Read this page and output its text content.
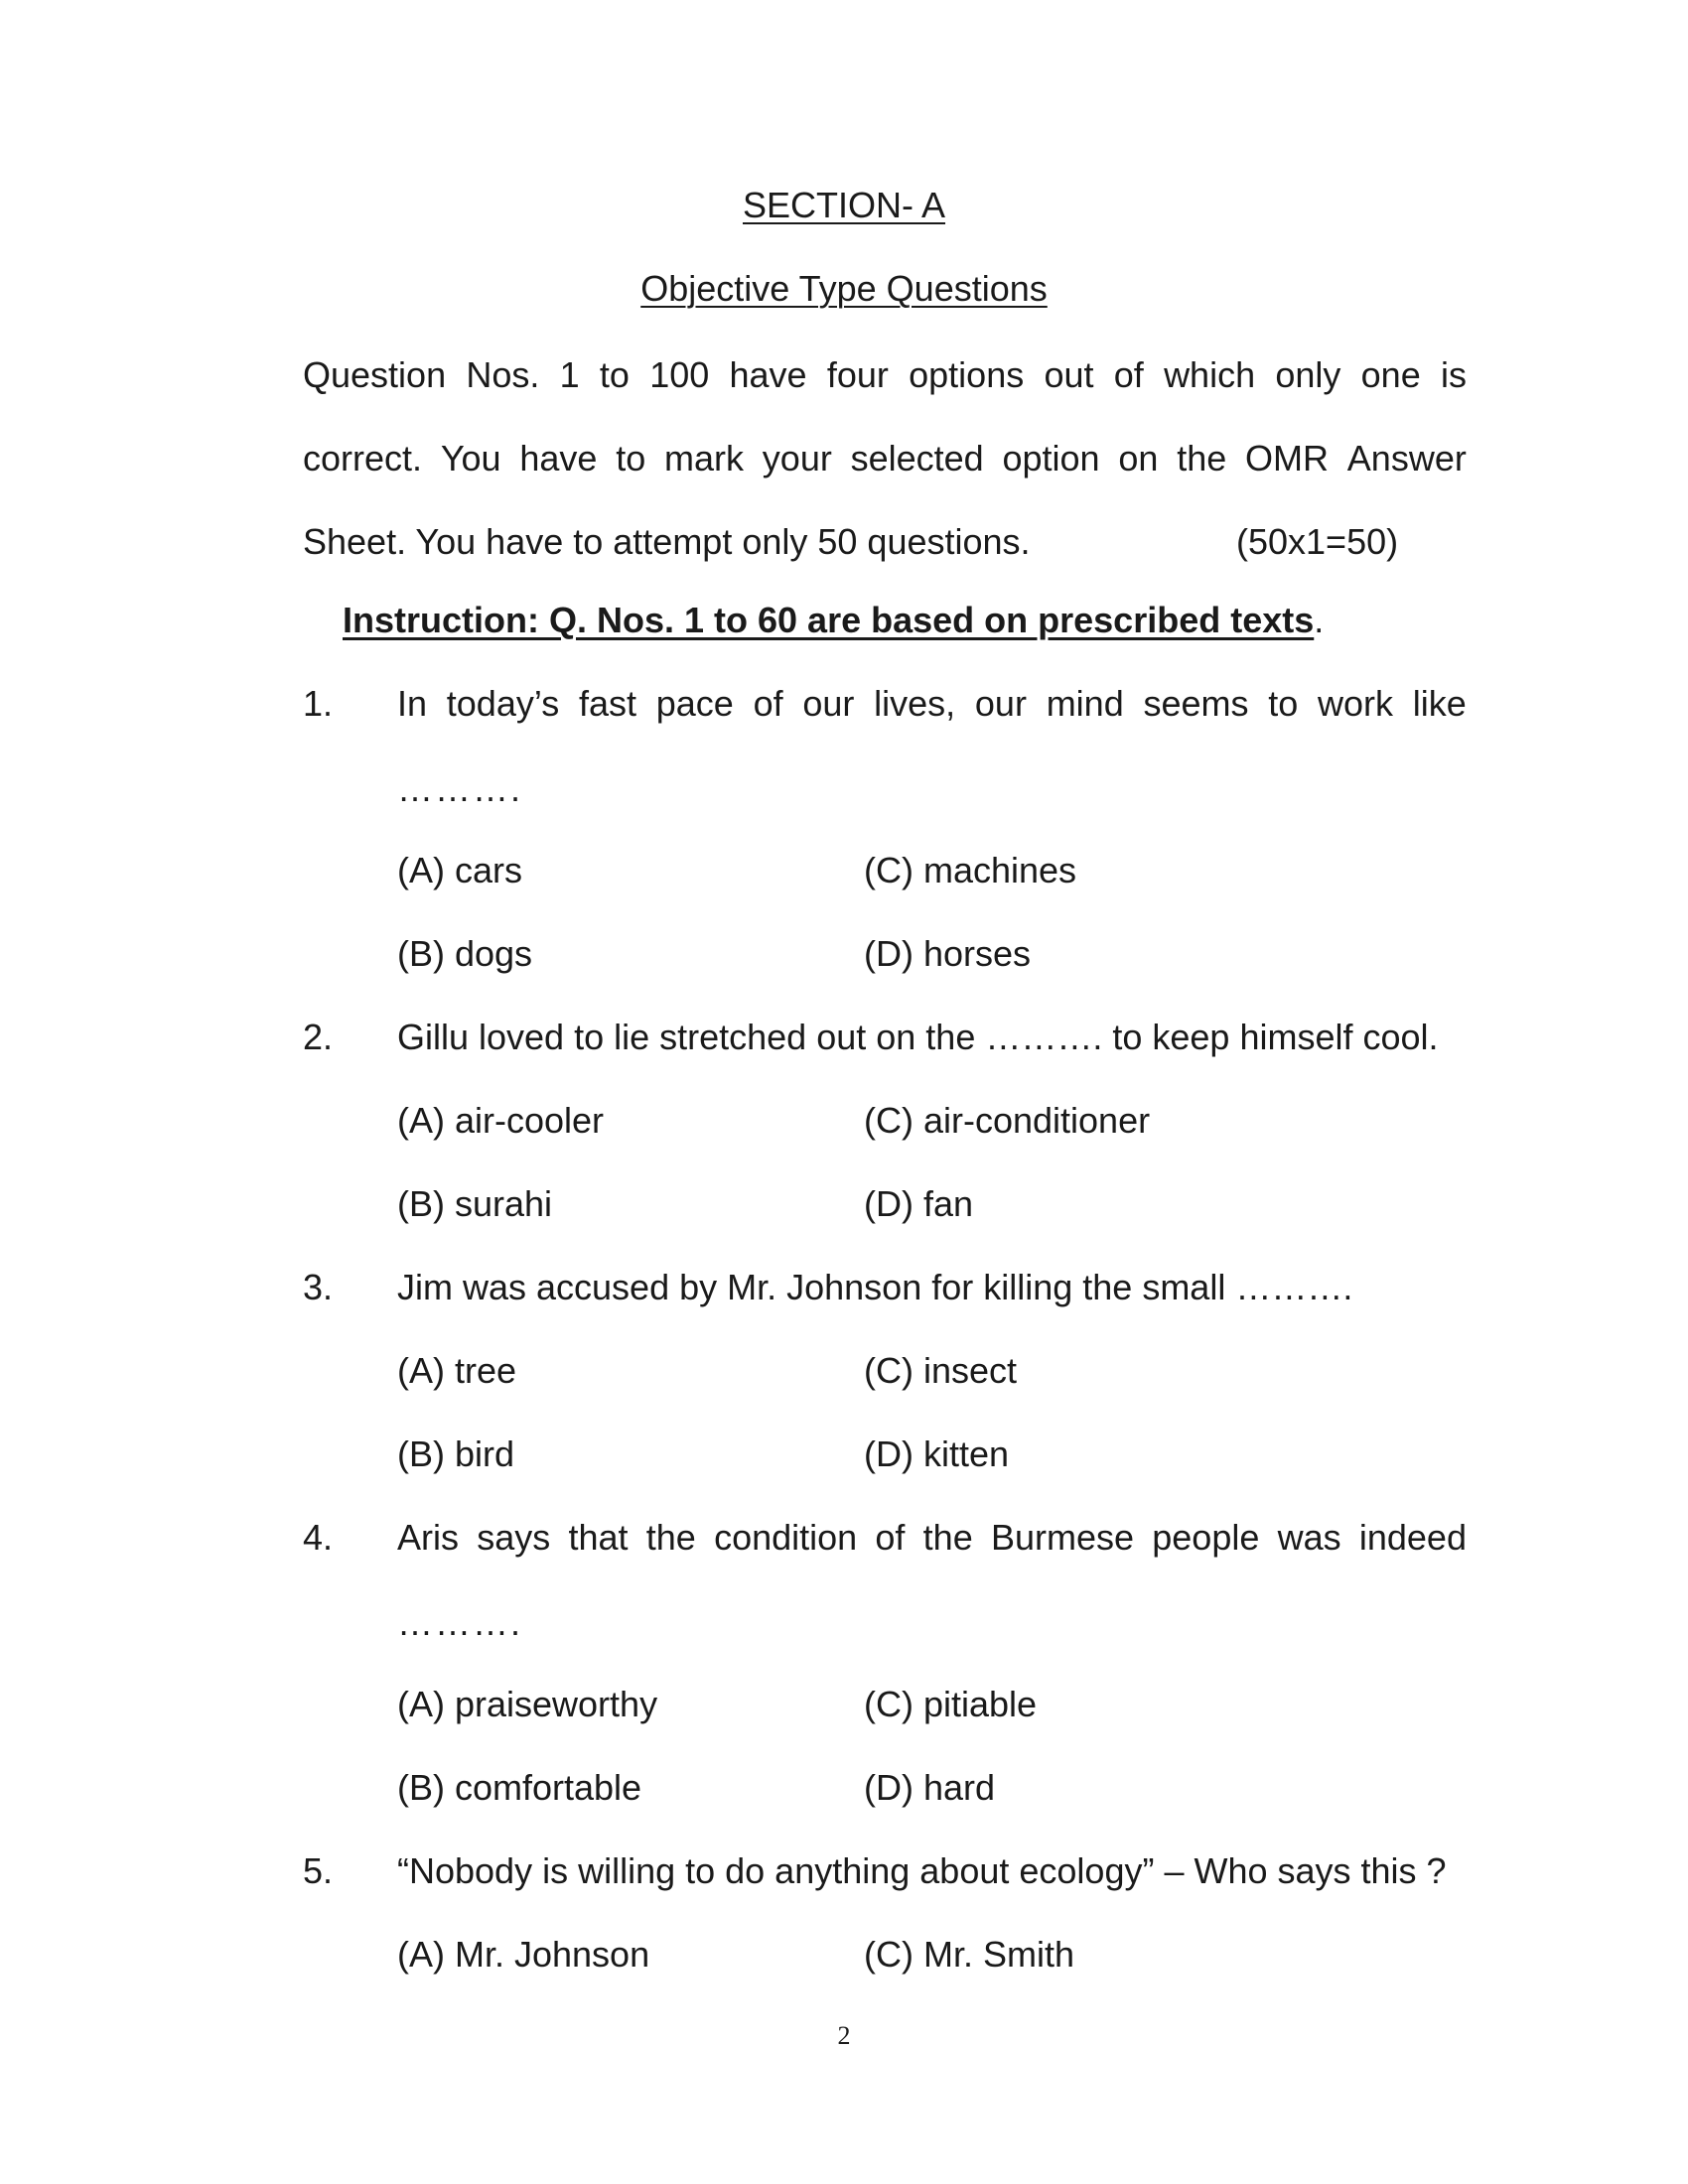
SECTION- A
Objective Type Questions
Question Nos. 1 to 100 have four options out of which only one is
correct. You have to mark your selected option on the OMR Answer
Sheet. You have to attempt only 50 questions.	(50x1=50)
Instruction: Q. Nos. 1 to 60 are based on prescribed texts.
1. In today’s fast pace of our lives, our mind seems to work like
……….
(A) cars	(C) machines
(B) dogs	(D) horses
2. Gillu loved to lie stretched out on the ………. to keep himself cool.
(A) air-cooler	(C) air-conditioner
(B) surahi	(D) fan
3. Jim was accused by Mr. Johnson for killing the small ……….
(A) tree	(C) insect
(B) bird	(D) kitten
4. Aris says that the condition of the Burmese people was indeed
……….
(A) praiseworthy	(C) pitiable
(B) comfortable	(D) hard
5. “Nobody is willing to do anything about ecology” – Who says this ?
(A) Mr. Johnson	(C) Mr. Smith
2
